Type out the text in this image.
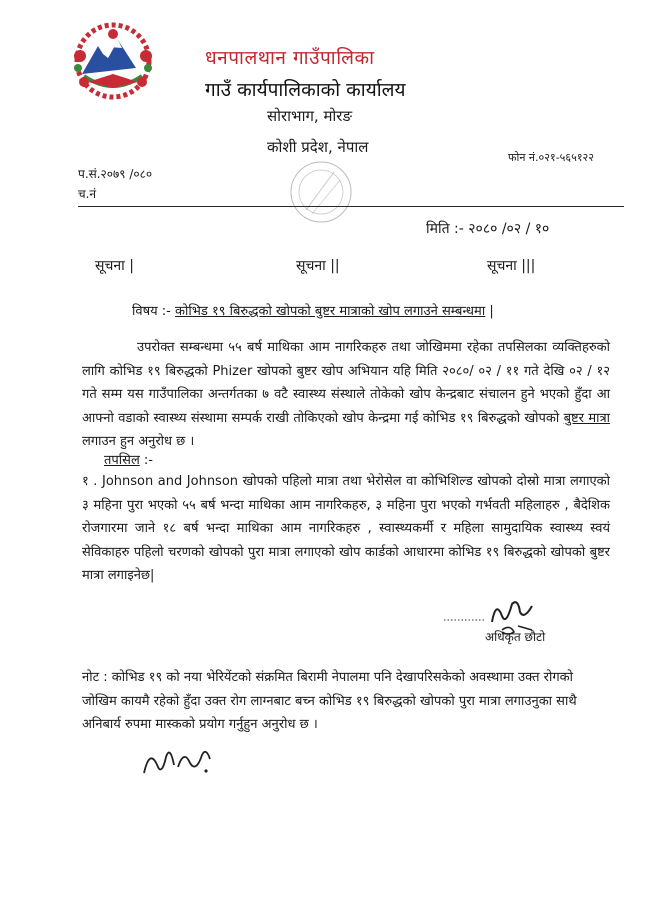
धनपालथान गाउँपालिका
गाउँ कार्यपालिकाको कार्यालय
सोराभाग, मोरङ
कोशी प्रदेश, नेपाल
फोन नं.०२१-५६५१२२
प.सं.२०७९ /०८०
च.नं
मिति :- २०८० /०२ / १०
सूचना |	सूचना ||	सूचना |||
विषय :- कोभिड १९ बिरुद्धको खोपको बुष्टर मात्राको खोप लगाउने सम्बन्धमा |
उपरोक्त सम्बन्धमा ५५ बर्ष माथिका आम नागरिकहरु तथा जोखिममा रहेका तपसिलका व्यक्तिहरुको लागि कोभिड १९ बिरुद्धको Phizer खोपको बुष्टर खोप अभियान यहि मिति २०८०/ ०२ / ११ गते देखि ०२ / १२ गते सम्म यस गाउँपालिका अन्तर्गतका ७ वटै स्वास्थ्य संस्थाले तोकेको खोप केन्द्रबाट संचालन हुने भएको हुँदा आ आफ्नो वडाको स्वास्थ्य संस्थामा सम्पर्क राखी तोकिएको खोप केन्द्रमा गई कोभिड १९ बिरुद्धको खोपको बुष्टर मात्रा लगाउन हुन अनुरोध छ ।
तपसिल :-
१ . Johnson and Johnson खोपको पहिलो मात्रा तथा भेरोसेल वा कोभिशिल्ड खोपको दोस्रो मात्रा लगाएको ३ महिना पुरा भएको ५५ बर्ष भन्दा माथिका आम नागरिकहरु, ३ महिना पुरा भएको गर्भवती महिलाहरु , बैदेशिक रोजगारमा जाने १८ बर्ष भन्दा माथिका आम नागरिकहरु , स्वास्थ्यकर्मी र महिला सामुदायिक स्वास्थ्य स्वयं सेविकाहरु पहिलो चरणको खोपको पुरा मात्रा लगाएको खोप कार्डको आधारमा कोभिड १९ बिरुद्धको खोपको बुष्टर मात्रा लगाइनेछ|
अधिकृत छौटो
नोट : कोभिड १९ को नया भेरियेंटको संक्रमित बिरामी नेपालमा पनि देखापरिसकेको अवस्थामा उक्त रोगको जोखिम कायमै रहेको हुँदा उक्त रोग लाग्नबाट बच्न कोभिड १९ बिरुद्धको खोपको पुरा मात्रा लगाउनुका साथै अनिबार्य रुपमा मास्कको प्रयोग गर्नुहुन अनुरोध छ ।
